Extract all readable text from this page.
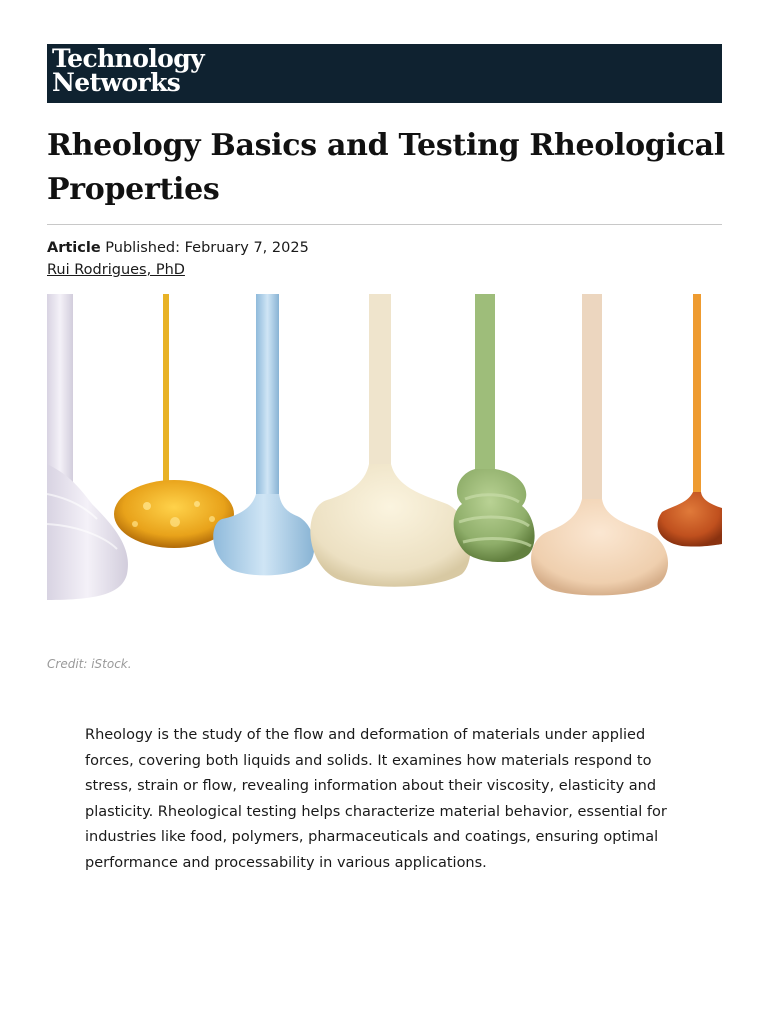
Technology
Networks
Rheology Basics and Testing Rheological Properties
Article Published: February 7, 2025
Rui Rodrigues, PhD
Credit: iStock.

Rheology is the study of the flow and deformation of materials under applied forces, covering both liquids and solids. It examines how materials respond to stress, strain or flow, revealing information about their viscosity, elasticity and plasticity. Rheological testing helps characterize material behavior, essential for industries like food, polymers, pharmaceuticals and coatings, ensuring optimal performance and processability in various applications.
